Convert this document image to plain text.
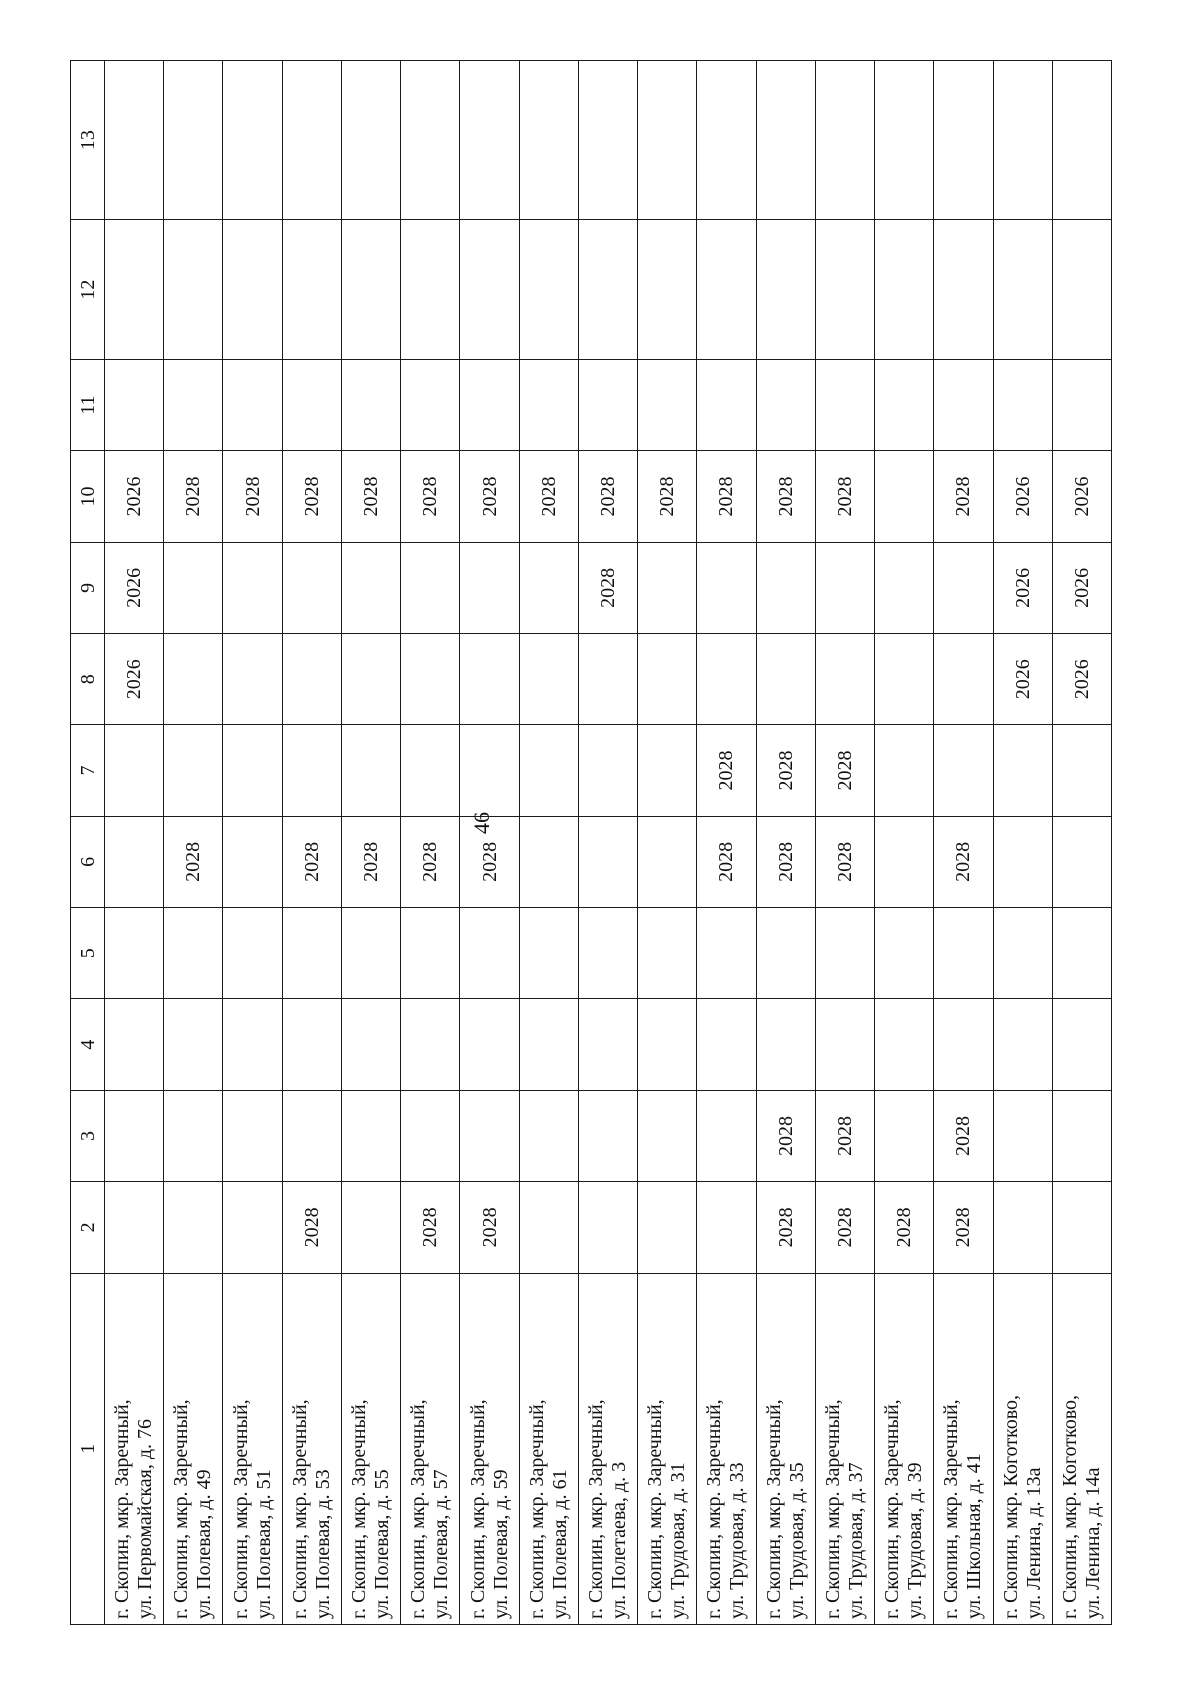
46
1	2	3	4	5	6	7	8	9	10	11	12	13

г. Скопин, мкр. Заречный, ул. Первомайская, д. 76							2026	2026	2026			

г. Скопин, мкр. Заречный, ул. Полевая, д. 49					2028				2028			

г. Скопин, мкр. Заречный, ул. Полевая, д. 51									2028			

г. Скопин, мкр. Заречный, ул. Полевая, д. 53	2028				2028				2028			

г. Скопин, мкр. Заречный, ул. Полевая, д. 55					2028				2028			

г. Скопин, мкр. Заречный, ул. Полевая, д. 57	2028				2028				2028			

г. Скопин, мкр. Заречный, ул. Полевая, д. 59	2028				2028				2028			

г. Скопин, мкр. Заречный, ул. Полевая, д. 61									2028			

г. Скопин, мкр. Заречный, ул. Полетаева, д. 3								2028	2028			

г. Скопин, мкр. Заречный, ул. Трудовая, д. 31									2028			

г. Скопин, мкр. Заречный, ул. Трудовая, д. 33					2028	2028			2028			

г. Скопин, мкр. Заречный, ул. Трудовая, д. 35	2028	2028			2028	2028			2028			

г. Скопин, мкр. Заречный, ул. Трудовая, д. 37	2028	2028			2028	2028			2028			

г. Скопин, мкр. Заречный, ул. Трудовая, д. 39	2028											

г. Скопин, мкр. Заречный, ул. Школьная, д. 41	2028	2028			2028				2028			

г. Скопин, мкр. Коготково, ул. Ленина, д. 13а							2026	2026	2026			

г. Скопин, мкр. Коготково, ул. Ленина, д. 14а							2026	2026	2026			
